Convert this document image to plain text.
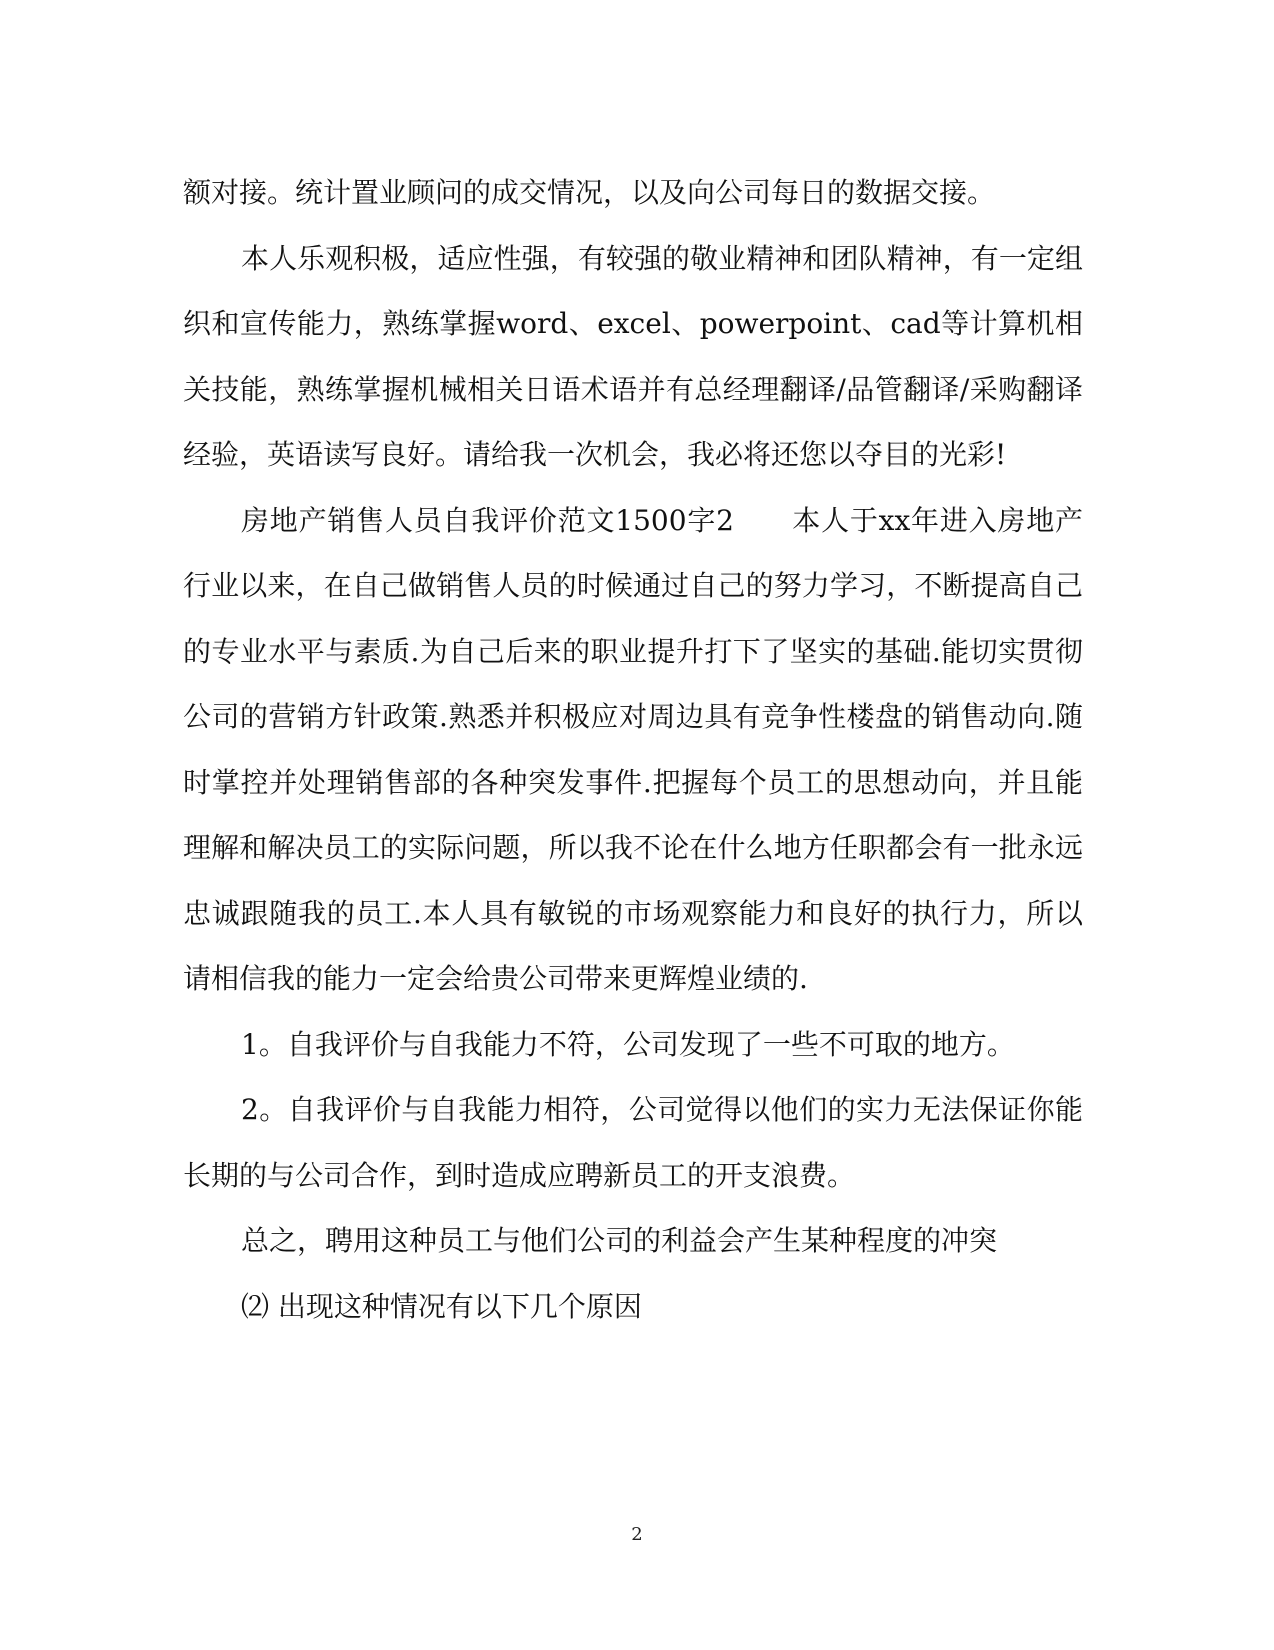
额对接。统计置业顾问的成交情况，以及向公司每日的数据交接。

本人乐观积极，适应性强，有较强的敬业精神和团队精神，有一定组织和宣传能力，熟练掌握word、excel、powerpoint、cad等计算机相关技能，熟练掌握机械相关日语术语并有总经理翻译/品管翻译/采购翻译经验，英语读写良好。请给我一次机会，我必将还您以夺目的光彩!

房地产销售人员自我评价范文1500字2　　本人于xx年进入房地产行业以来，在自己做销售人员的时候通过自己的努力学习，不断提高自己的专业水平与素质.为自己后来的职业提升打下了坚实的基础.能切实贯彻公司的营销方针政策.熟悉并积极应对周边具有竞争性楼盘的销售动向.随时掌控并处理销售部的各种突发事件.把握每个员工的思想动向，并且能理解和解决员工的实际问题，所以我不论在什么地方任职都会有一批永远忠诚跟随我的员工.本人具有敏锐的市场观察能力和良好的执行力，所以请相信我的能力一定会给贵公司带来更辉煌业绩的.

1。自我评价与自我能力不符，公司发现了一些不可取的地方。

2。自我评价与自我能力相符，公司觉得以他们的实力无法保证你能长期的与公司合作，到时造成应聘新员工的开支浪费。

总之，聘用这种员工与他们公司的利益会产生某种程度的冲突

⑵ 出现这种情况有以下几个原因

2
